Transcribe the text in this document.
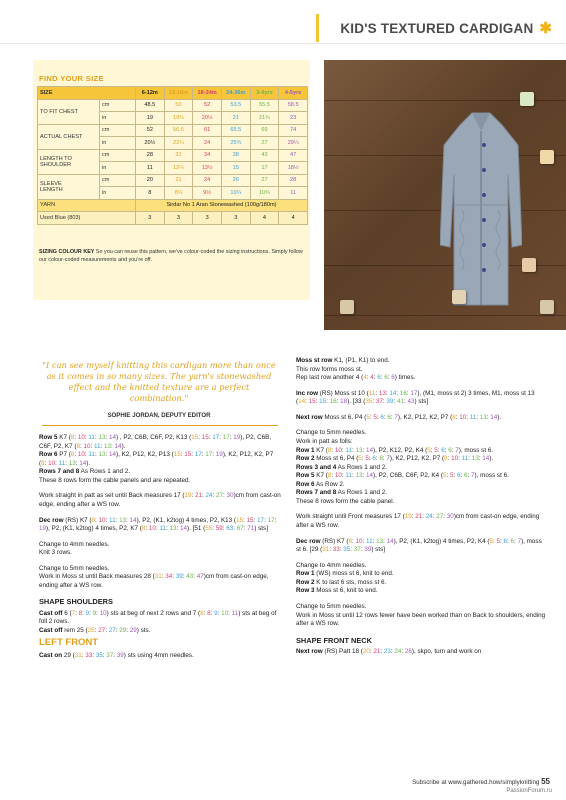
KID'S TEXTURED CARDIGAN ✱
FIND YOUR SIZE
SIZE		6-12m	12-18m	18-24m	24-36m	3-4yrs	4-5yrs
TO FIT CHEST	cm	48.5	50	52	53.5	55.5	58.5
	in	19	19¾	20½	21	21¾	23
ACTUAL CHEST	cm	52	56.5	61	65.5	69	74
	in	20½	22¼	24	25¾	27	29¼
LENGTH TO
SHOULDER	cm	28	31	34	38	43	47
	in	11	12¼	13½	15	17	18½
SLEEVE
LENGTH	cm	20	21	24	26	27	28
	in	8	8¼	9½	10¼	10¾	11
YARN		Sirdar No 1 Aran Stonewashed (100g/180m)					
Used Blue (803)		3	3	3	3	4	4
SIZING COLOUR KEY So you can reuse this pattern, we've colour-coded the sizing instructions. Simply follow our colour-coded measurements and you're off.
"I can see myself knitting this cardigan more than once as it comes in so many sizes. The yarn's stonewashed effect and the knitted texture are a perfect combination."
SOPHIE JORDAN, DEPUTY EDITOR

Row 5 K7 (8: 10: 11: 13: 14) , P2, C6B, C6F, P2, K13 (15: 15: 17: 17: 19), P2, C6B, C6F, P2, K7 (8: 10: 11: 13: 14).
Row 6 P7 (8: 10: 11: 13: 14), K2, P12, K2, P13 (15: 15: 17: 17: 19), K2, P12, K2, P7 (8: 10: 11: 13: 14).
Rows 7 and 8 As Rows 1 and 2.
These 8 rows form the cable panels and are repeated.

Work straight in patt as set until Back measures 17 (19: 21: 24: 27: 30)cm from cast-on edge, ending after a WS row.

Dec row (RS) K7 (8: 10: 11: 13: 14), P2, (K1, k2tog) 4 times, P2, K13 (15: 15: 17: 17: 19), P2, (K1, k2tog) 4 times, P2, K7 (8: 10: 11: 13: 14). [51 (55: 59: 63: 67: 71) sts]

Change to 4mm needles.
Knit 3 rows.

Change to 5mm needles.
Work in Moss st until Back measures 28 (31: 34: 39: 43: 47)cm from cast-on edge, ending after a WS row.

SHAPE SHOULDERS

Cast off 6 (7: 8: 9: 9: 10) sts at beg of next 2 rows and 7 (8: 8: 9: 10: 11) sts at beg of foll 2 rows.
Cast off rem 25 (25: 27: 27: 29: 29) sts.

LEFT FRONT

Cast on 29 (31: 33: 35: 37: 39) sts using 4mm needles.

Moss st row K1, (P1, K1) to end.
This row forms moss st.
Rep last row another 4 (4: 4: 6: 6: 6) times.

Inc row (RS) Moss st 10 (11: 13: 14: 16: 17), (M1, moss st 2) 3 times, M1, moss st 13 (14: 15: 15: 16: 18). [33 (35: 37: 39: 41: 43) sts]

Next row Moss st 6, P4 (5: 5: 6: 6: 7), K2, P12, K2, P7 (8: 10: 11: 13: 14).

Change to 5mm needles.
Work in patt as folls:
Row 1 K7 (8: 10: 11: 13: 14), P2, K12, P2, K4 (5: 5: 6: 6: 7), moss st 6.
Row 2 Moss st 6, P4 (5: 5: 6: 6: 7), K2, P12, K2, P7 (8: 10: 11: 13: 14).
Rows 3 and 4 As Rows 1 and 2.
Row 5 K7 (8: 10: 11: 13: 14), P2, C6B, C6F, P2, K4 (5: 5: 6: 6: 7), moss st 6.
Row 6 As Row 2.
Rows 7 and 8 As Rows 1 and 2.
These 8 rows form the cable panel.

Work straight until Front measures 17 (19: 21: 24: 27: 30)cm from cast-on edge, ending after a WS row.

Dec row (RS) K7 (8: 10: 11: 13: 14), P2, (K1, k2tog) 4 times, P2, K4 (5: 5: 6: 6: 7), moss st 6. [29 (31: 33: 35: 37: 39) sts]

Change to 4mm needles.
Row 1 (WS) moss st 6, knit to end.
Row 2 K to last 6 sts, moss st 6.
Row 3 Moss st 6, knit to end.

Change to 5mm needles.
Work in Moss st until 12 rows fewer have been worked than on Back to shoulders, ending after a WS row.

SHAPE FRONT NECK

Next row (RS) Patt 18 (20: 21: 23: 24: 26), skpo, turn and work on

Subscribe at www.gathered.how/simplyknitting 55
PassionForum.ru
